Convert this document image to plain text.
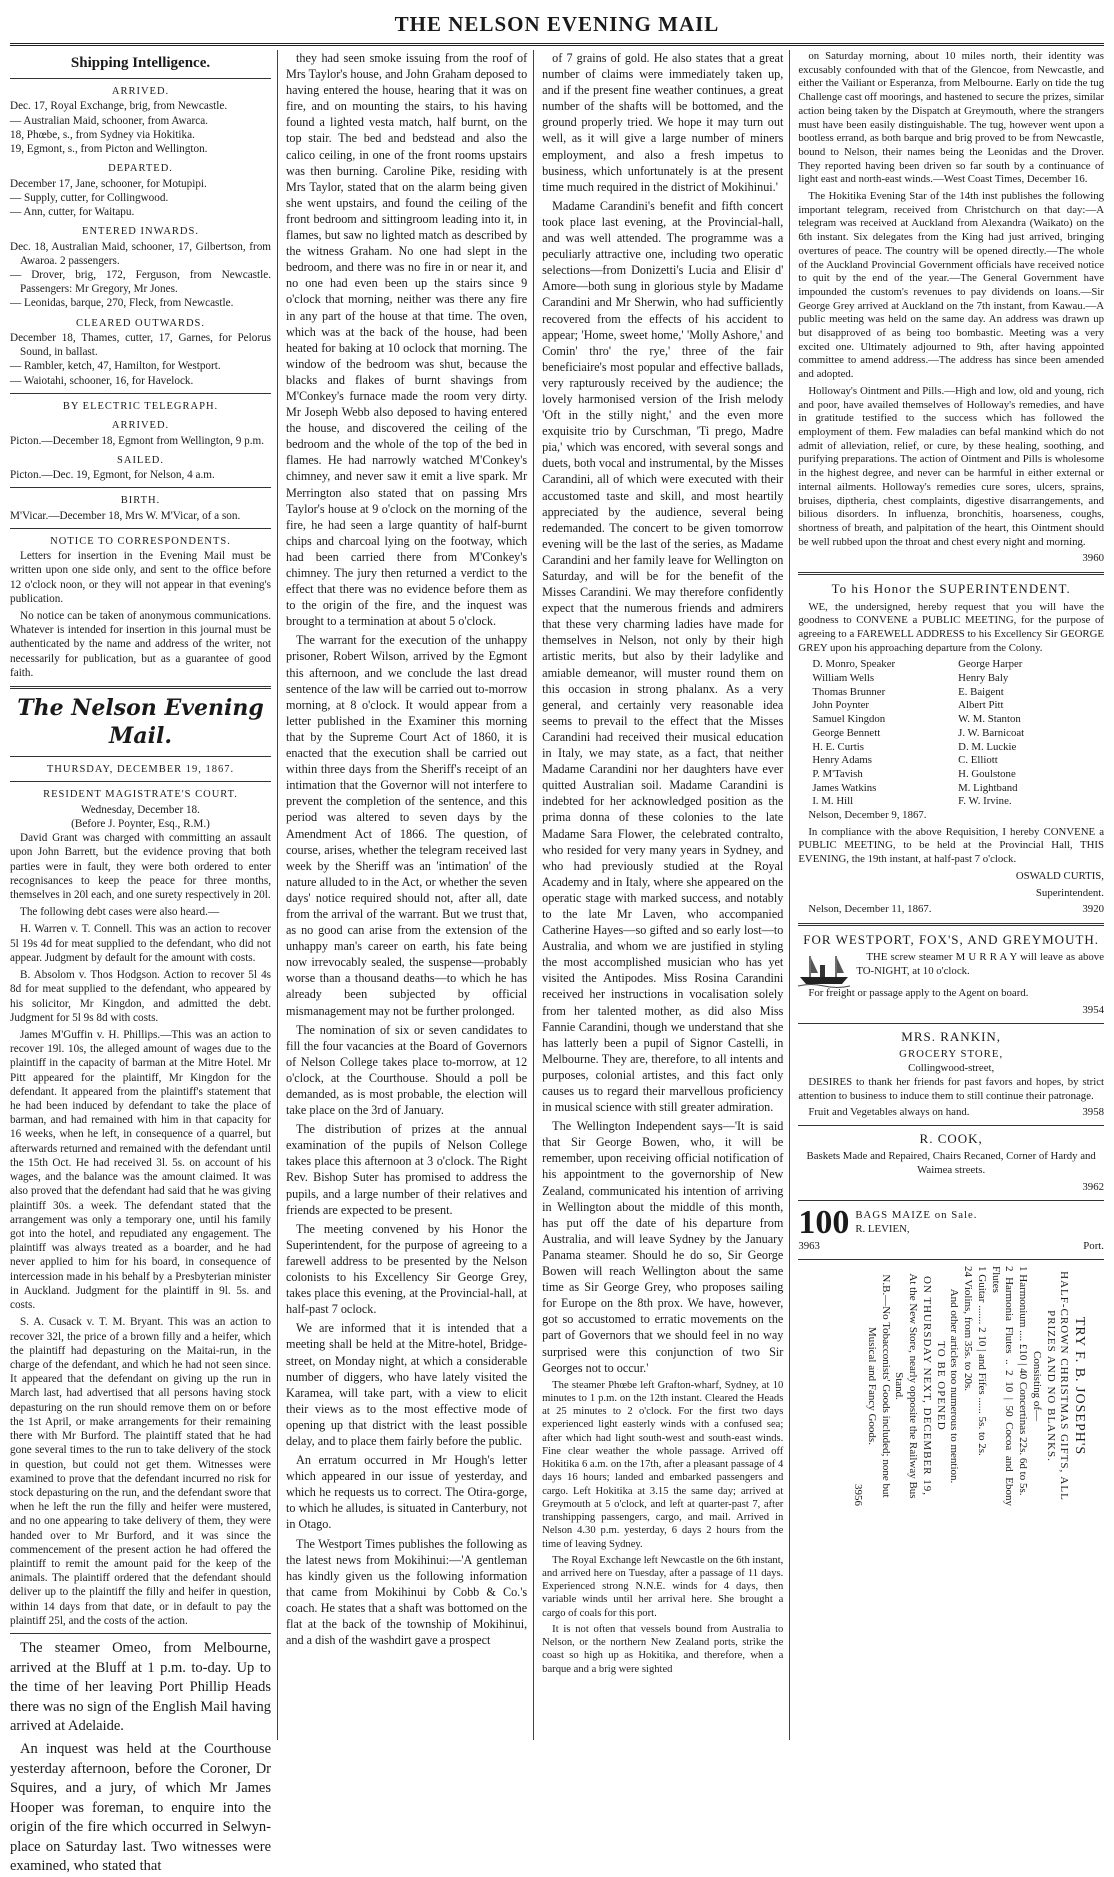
THE NELSON EVENING MAIL
Shipping Intelligence.
ARRIVED.

Dec. 17, Royal Exchange, brig, from Newcastle.

— Australian Maid, schooner, from Awarca.

18, Phœbe, s., from Sydney via Hokitika.

19, Egmont, s., from Picton and Wellington.

DEPARTED.

December 17, Jane, schooner, for Motupipi.

— Supply, cutter, for Collingwood.

— Ann, cutter, for Waitapu.

ENTERED INWARDS.

Dec. 18, Australian Maid, schooner, 17, Gilbertson, from Awaroa. 2 passengers.

— Drover, brig, 172, Ferguson, from Newcastle. Passengers: Mr Gregory, Mr Jones.

— Leonidas, barque, 270, Fleck, from Newcastle.

CLEARED OUTWARDS.

December 18, Thames, cutter, 17, Garnes, for Pelorus Sound, in ballast.

— Rambler, ketch, 47, Hamilton, for Westport.

— Waiotahi, schooner, 16, for Havelock.

BY ELECTRIC TELEGRAPH.
ARRIVED.

Picton.—December 18, Egmont from Wellington, 9 p.m.

SAILED.

Picton.—Dec. 19, Egmont, for Nelson, 4 a.m.

BIRTH.

M'Vicar.—December 18, Mrs W. M'Vicar, of a son.

NOTICE TO CORRESPONDENTS.

Letters for insertion in the Evening Mail must be written upon one side only, and sent to the office before 12 o'clock noon, or they will not appear in that evening's publication.

No notice can be taken of anonymous communications. Whatever is intended for insertion in this journal must be authenticated by the name and address of the writer, not necessarily for publication, but as a guarantee of good faith.

The Nelson Evening Mail.
THURSDAY, DECEMBER 19, 1867.
RESIDENT MAGISTRATE'S COURT.
Wednesday, December 18.
(Before J. Poynter, Esq., R.M.)

David Grant was charged with committing an assault upon John Barrett, but the evidence proving that both parties were in fault, they were both ordered to enter recognisances to keep the peace for three months, themselves in 20l each, and one surety respectively in 20l.

The following debt cases were also heard.—

H. Warren v. T. Connell. This was an action to recover 5l 19s 4d for meat supplied to the defendant, who did not appear. Judgment by default for the amount with costs.

B. Absolom v. Thos Hodgson. Action to recover 5l 4s 8d for meat supplied to the defendant, who appeared by his solicitor, Mr Kingdon, and admitted the debt. Judgment for 5l 9s 8d with costs.

James M'Guffin v. H. Phillips.—This was an action to recover 19l. 10s, the alleged amount of wages due to the plaintiff in the capacity of barman at the Mitre Hotel. Mr Pitt appeared for the plaintiff, Mr Kingdon for the defendant. It appeared from the plaintiff's statement that he had been induced by defendant to take the place of barman, and had remained with him in that capacity for 16 weeks, when he left, in consequence of a quarrel, but afterwards returned and remained with the defendant until the 15th Oct. He had received 3l. 5s. on account of his wages, and the balance was the amount claimed. It was also proved that the defendant had said that he was giving plaintiff 30s. a week. The defendant stated that the arrangement was only a temporary one, until his family got into the hotel, and repudiated any engagement. The plaintiff was always treated as a boarder, and he had never applied to him for his board, in consequence of intercession made in his behalf by a Presbyterian minister in Auckland. Judgment for the plaintiff in 9l. 5s. and costs.

S. A. Cusack v. T. M. Bryant. This was an action to recover 32l, the price of a brown filly and a heifer, which the plaintiff had depasturing on the Maitai-run, in the charge of the defendant, and which he had not seen since. It appeared that the defendant on giving up the run in March last, had advertised that all persons having stock depasturing on the run should remove them on or before the 1st April, or make arrangements for their remaining there with Mr Burford. The plaintiff stated that he had gone several times to the run to take delivery of the stock in question, but could not get them. Witnesses were examined to prove that the defendant incurred no risk for stock depasturing on the run, and the defendant swore that when he left the run the filly and heifer were mustered, and no one appearing to take delivery of them, they were handed over to Mr Burford, and it was since the commencement of the present action he had offered the plaintiff to remit the amount paid for the keep of the animals. The plaintiff ordered that the defendant should deliver up to the plaintiff the filly and heifer in question, within 14 days from that date, or in default to pay the plaintiff 25l, and the costs of the action.

The steamer Omeo, from Melbourne, arrived at the Bluff at 1 p.m. to-day. Up to the time of her leaving Port Phillip Heads there was no sign of the English Mail having arrived at Adelaide.

An inquest was held at the Courthouse yesterday afternoon, before the Coroner, Dr Squires, and a jury, of which Mr James Hooper was foreman, to enquire into the origin of the fire which occurred in Selwyn-place on Saturday last. Two witnesses were examined, who stated that

they had seen smoke issuing from the roof of Mrs Taylor's house, and John Graham deposed to having entered the house, hearing that it was on fire, and on mounting the stairs, to his having found a lighted vesta match, half burnt, on the top stair. The bed and bedstead and also the calico ceiling, in one of the front rooms upstairs was then burning. Caroline Pike, residing with Mrs Taylor, stated that on the alarm being given she went upstairs, and found the ceiling of the front bedroom and sittingroom leading into it, in flames, but saw no lighted match as described by the witness Graham. No one had slept in the bedroom, and there was no fire in or near it, and no one had even been up the stairs since 9 o'clock that morning, neither was there any fire in any part of the house at that time. The oven, which was at the back of the house, had been heated for baking at 10 oclock that morning. The window of the bedroom was shut, because the blacks and flakes of burnt shavings from M'Conkey's furnace made the room very dirty. Mr Joseph Webb also deposed to having entered the house, and discovered the ceiling of the bedroom and the whole of the top of the bed in flames. He had narrowly watched M'Conkey's chimney, and never saw it emit a live spark. Mr Merrington also stated that on passing Mrs Taylor's house at 9 o'clock on the morning of the fire, he had seen a large quantity of half-burnt chips and charcoal lying on the footway, which had been carried there from M'Conkey's chimney. The jury then returned a verdict to the effect that there was no evidence before them as to the origin of the fire, and the inquest was brought to a termination at about 5 o'clock.

The warrant for the execution of the unhappy prisoner, Robert Wilson, arrived by the Egmont this afternoon, and we conclude the last dread sentence of the law will be carried out to-morrow morning, at 8 o'clock. It would appear from a letter published in the Examiner this morning that by the Supreme Court Act of 1860, it is enacted that the execution shall be carried out within three days from the Sheriff's receipt of an intimation that the Governor will not interfere to prevent the completion of the sentence, and this period was altered to seven days by the Amendment Act of 1866. The question, of course, arises, whether the telegram received last week by the Sheriff was an 'intimation' of the nature alluded to in the Act, or whether the seven days' notice required should not, after all, date from the arrival of the warrant. But we trust that, as no good can arise from the extension of the unhappy man's career on earth, his fate being now irrevocably sealed, the suspense—probably worse than a thousand deaths—to which he has already been subjected by official mismanagement may not be further prolonged.

The nomination of six or seven candidates to fill the four vacancies at the Board of Governors of Nelson College takes place to-morrow, at 12 o'clock, at the Courthouse. Should a poll be demanded, as is most probable, the election will take place on the 3rd of January.

The distribution of prizes at the annual examination of the pupils of Nelson College takes place this afternoon at 3 o'clock. The Right Rev. Bishop Suter has promised to address the pupils, and a large number of their relatives and friends are expected to be present.

The meeting convened by his Honor the Superintendent, for the purpose of agreeing to a farewell address to be presented by the Nelson colonists to his Excellency Sir George Grey, takes place this evening, at the Provincial-hall, at half-past 7 oclock.

We are informed that it is intended that a meeting shall be held at the Mitre-hotel, Bridge-street, on Monday night, at which a considerable number of diggers, who have lately visited the Karamea, will take part, with a view to elicit their views as to the most effective mode of opening up that district with the least possible delay, and to place them fairly before the public.

An erratum occurred in Mr Hough's letter which appeared in our issue of yesterday, and which he requests us to correct. The Otira-gorge, to which he alludes, is situated in Canterbury, not in Otago.

The Westport Times publishes the following as the latest news from Mokihinui:—'A gentleman has kindly given us the following information that came from Mokihinui by Cobb & Co.'s coach. He states that a shaft was bottomed on the flat at the back of the township of Mokihinui, and a dish of the washdirt gave a prospect

of 7 grains of gold. He also states that a great number of claims were immediately taken up, and if the present fine weather continues, a great number of the shafts will be bottomed, and the ground properly tried. We hope it may turn out well, as it will give a large number of miners employment, and also a fresh impetus to business, which unfortunately is at the present time much required in the district of Mokihinui.'

Madame Carandini's benefit and fifth concert took place last evening, at the Provincial-hall, and was well attended. The programme was a peculiarly attractive one, including two operatic selections—from Donizetti's Lucia and Elisir d' Amore—both sung in glorious style by Madame Carandini and Mr Sherwin, who had sufficiently recovered from the effects of his accident to appear; 'Home, sweet home,' 'Molly Ashore,' and Comin' thro' the rye,' three of the fair beneficiaire's most popular and effective ballads, very rapturously received by the audience; the lovely harmonised version of the Irish melody 'Oft in the stilly night,' and the even more exquisite trio by Curschman, 'Ti prego, Madre pia,' which was encored, with several songs and duets, both vocal and instrumental, by the Misses Carandini, all of which were executed with their accustomed taste and skill, and most heartily appreciated by the audience, several being redemanded. The concert to be given tomorrow evening will be the last of the series, as Madame Carandini and her family leave for Wellington on Saturday, and will be for the benefit of the Misses Carandini. We may therefore confidently expect that the numerous friends and admirers that these very charming ladies have made for themselves in Nelson, not only by their high artistic merits, but also by their ladylike and amiable demeanor, will muster round them on this occasion in strong phalanx. As a very general, and certainly very reasonable idea seems to prevail to the effect that the Misses Carandini had received their musical education in Italy, we may state, as a fact, that neither Madame Carandini nor her daughters have ever quitted Australian soil. Madame Carandini is indebted for her acknowledged position as the prima donna of these colonies to the late Madame Sara Flower, the celebrated contralto, who resided for very many years in Sydney, and who had previously studied at the Royal Academy and in Italy, where she appeared on the operatic stage with marked success, and notably to the late Mr Laven, who accompanied Catherine Hayes—so gifted and so early lost—to Australia, and whom we are justified in styling the most accomplished musician who has yet visited the Antipodes. Miss Rosina Carandini received her instructions in vocalisation solely from her talented mother, as did also Miss Fannie Carandini, though we understand that she has latterly been a pupil of Signor Castelli, in Melbourne. They are, therefore, to all intents and purposes, colonial artistes, and this fact only causes us to regard their marvellous proficiency in musical science with still greater admiration.

The Wellington Independent says—'It is said that Sir George Bowen, who, it will be remember, upon receiving official notification of his appointment to the governorship of New Zealand, communicated his intention of arriving in Wellington about the middle of this month, has put off the date of his departure from Australia, and will leave Sydney by the January Panama steamer. Should he do so, Sir George Bowen will reach Wellington about the same time as Sir George Grey, who proposes sailing for Europe on the 8th prox. We have, however, got so accustomed to erratic movements on the part of Governors that we should feel in no way surprised were this conjunction of two Sir Georges not to occur.'

The steamer Phœbe left Grafton-wharf, Sydney, at 10 minutes to 1 p.m. on the 12th instant. Cleared the Heads at 25 minutes to 2 o'clock. For the first two days experienced light easterly winds with a confused sea; after which had light south-west and south-east winds. Fine clear weather the whole passage. Arrived off Hokitika 6 a.m. on the 17th, after a pleasant passage of 4 days 16 hours; landed and embarked passengers and cargo. Left Hokitika at 3.15 the same day; arrived at Greymouth at 5 o'clock, and left at quarter-past 7, after transhipping passengers, cargo, and mail. Arrived in Nelson 4.30 p.m. yesterday, 6 days 2 hours from the time of leaving Sydney.

The Royal Exchange left Newcastle on the 6th instant, and arrived here on Tuesday, after a passage of 11 days. Experienced strong N.N.E. winds for 4 days, then variable winds until her arrival here. She brought a cargo of coals for this port.

It is not often that vessels bound from Australia to Nelson, or the northern New Zealand ports, strike the coast so high up as Hokitika, and therefore, when a barque and a brig were sighted

on Saturday morning, about 10 miles north, their identity was excusably confounded with that of the Glencoe, from Newcastle, and either the Vailiant or Esperanza, from Melbourne. Early on tide the tug Challenge cast off moorings, and hastened to secure the prizes, similar action being taken by the Dispatch at Greymouth, where the strangers must have been easily distinguishable. The tug, however went upon a bootless errand, as both barque and brig proved to be from Newcastle, bound to Nelson, their names being the Leonidas and the Drover. They reported having been driven so far south by a continuance of light east and north-east winds.—West Coast Times, December 16.

The Hokitika Evening Star of the 14th inst publishes the following important telegram, received from Christchurch on that day:—A telegram was received at Auckland from Alexandra (Waikato) on the 6th instant. Six delegates from the King had just arrived, bringing overtures of peace. The country will be opened directly.—The whole of the Auckland Provincial Government officials have received notice to quit by the end of the year.—The General Government have impounded the custom's revenues to pay dividends on loans.—Sir George Grey arrived at Auckland on the 7th instant, from Kawau.—A public meeting was held on the same day. An address was drawn up but disapproved of as being too bombastic. Meeting was a very excited one. Ultimately adjourned to 9th, after having appointed committee to amend address.—The address has since been amended and adopted.

Holloway's Ointment and Pills.—High and low, old and young, rich and poor, have availed themselves of Holloway's remedies, and have in gratitude testified to the success which has followed the employment of them. Few maladies can befal mankind which do not admit of alleviation, relief, or cure, by these healing, soothing, and purifying preparations. The action of Ointment and Pills is wholesome in the highest degree, and never can be harmful in either external or internal ailments. Holloway's remedies cure sores, ulcers, sprains, bruises, diptheria, chest complaints, digestive disarrangements, and bilious disorders. In influenza, bronchitis, hoarseness, coughs, shortness of breath, and palpitation of the heart, this Ointment should be well rubbed upon the throat and chest every night and morning.

3960

To his Honor the SUPERINTENDENT.

WE, the undersigned, hereby request that you will have the goodness to CONVENE a PUBLIC MEETING, for the purpose of agreeing to a FAREWELL ADDRESS to his Excellency Sir GEORGE GREY upon his approaching departure from the Colony.

D. Monro, Speaker	George Harper
William Wells	Henry Baly
Thomas Brunner	E. Baigent
John Poynter	Albert Pitt
Samuel Kingdon	W. M. Stanton
George Bennett	J. W. Barnicoat
H. E. Curtis	D. M. Luckie
Henry Adams	C. Elliott
P. M'Tavish	H. Goulstone
James Watkins	M. Lightband
I. M. Hill	F. W. Irvine.

Nelson, December 9, 1867.

In compliance with the above Requisition, I hereby CONVENE a PUBLIC MEETING, to be held at the Provincial Hall, THIS EVENING, the 19th instant, at half-past 7 o'clock.

OSWALD CURTIS,

Superintendent.

Nelson, December 11, 1867.	3920

FOR WESTPORT, FOX'S, AND GREYMOUTH.

THE screw steamer M U R R A Y will leave as above TO-NIGHT, at 10 o'clock.

For freight or passage apply to the Agent on board.

3954

MRS. RANKIN,
GROCERY STORE,
Collingwood-street,

DESIRES to thank her friends for past favors and hopes, by strict attention to business to induce them to still continue their patronage.

Fruit and Vegetables always on hand.	3958

R. COOK,

Baskets Made and Repaired, Chairs Recaned, Corner of Hardy and Waimea streets.

3962

100 BAGS MAIZE on Sale.
R. LEVIEN,
3963	Port.
TRY F. B. JOSEPH'S
HALF-CROWN CHRISTMAS GIFTS, ALL PRIZES AND NO BLANKS.
Consisting of—
1 Harmonium .... £10 | 40 Concertinas 22s. 6d to 5s.
2 Harmonia Flutes .. 2 10 | 50 Cocoa and Ebony Flutes
1 Guitar ....... 2 10 | and Fifes ...... 5s. to 2s.
24 Violins, from 35s. to 20s.
And other articles too numerous to mention.
TO BE OPENED
ON THURSDAY NEXT, DECEMBER 19,
At the New Store, nearly opposite the Railway Bus Stand.
N.B.—No Tobacconists' Goods included; none but Musical and Fancy Goods.
3956
